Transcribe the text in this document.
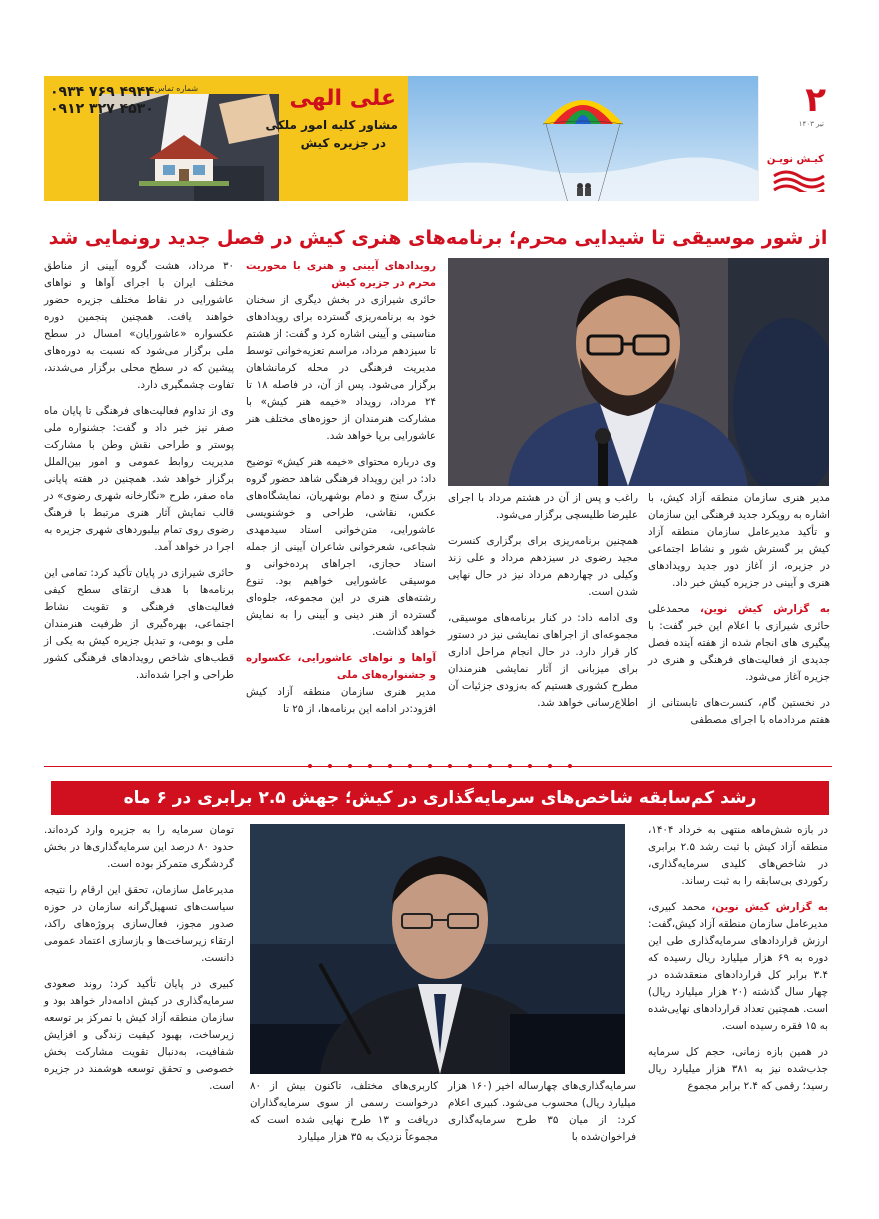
شماره تماس:
۰۹۳۴ ۷۶۹ ۴۹۴۴
۰۹۱۲ ۳۲۷ ۴۵۳۰	علی الهی
مشاور کلیه امور ملکی
در جزیره کیش
۲
تیر ۱۴۰۳
کیـش نویـن
از شور موسیقی تا شیدایی محرم؛ برنامه‌های هنری کیش در فصل جدید رونمایی شد

مدیر هنری سازمان منطقه آزاد کیش، با اشاره به رویکرد جدید فرهنگی این سازمان و تأکید مدیرعامل سازمان منطقه آزاد کیش بر گسترش شور و نشاط اجتماعی در جزیره، از آغاز دور جدید رویدادهای هنری و آیینی در جزیره کیش خبر داد.

به گزارش کیش نوین، محمدعلی حائری شیرازی با اعلام این خبر گفت: با پیگیری های انجام شده از هفته آینده فصل جدیدی از فعالیت‌های فرهنگی و هنری در جزیره آغاز می‌شود.

در نخستین گام، کنسرت‌های تابستانی از هفتم مردادماه با اجرای مصطفی

راغب و پس از آن در هشتم مرداد با اجرای علیرضا طلیسچی برگزار می‌شود.

همچنین برنامه‌ریزی برای برگزاری کنسرت مجید رضوی در سیزدهم مرداد و علی زند وکیلی در چهاردهم مرداد نیز در حال نهایی شدن است.

وی ادامه داد: در کنار برنامه‌های موسیقی، مجموعه‌ای از اجراهای نمایشی نیز در دستور کار قرار دارد. در حال انجام مراحل اداری برای میزبانی از آثار نمایشی هنرمندان مطرح کشوری هستیم که به‌زودی جزئیات آن اطلاع‌رسانی خواهد شد.

رویدادهای آیینی و هنری با محوریت محرم در جزیره کیش

حائری شیرازی در بخش دیگری از سخنان خود به برنامه‌ریزی گسترده برای رویدادهای مناسبتی و آیینی اشاره کرد و گفت: از هشتم تا سیزدهم مرداد، مراسم تعزیه‌خوانی توسط مدیریت فرهنگی در محله کرمانشاهان برگزار می‌شود. پس از آن، در فاصله ۱۸ تا ۲۴ مرداد، رویداد «خیمه هنر کیش» با مشارکت هنرمندان از حوزه‌های مختلف هنر عاشورایی برپا خواهد شد.

وی درباره محتوای «خیمه هنر کیش» توضیح داد: در این رویداد فرهنگی شاهد حضور گروه بزرگ سنج و دمام بوشهریان، نمایشگاه‌های عکس، نقاشی، طراحی و خوشنویسی عاشورایی، متن‌خوانی استاد سیدمهدی شجاعی، شعرخوانی شاعران آیینی از جمله استاد حجازی، اجراهای پرده‌خوانی و موسیقی عاشورایی خواهیم بود. تنوع رشته‌های هنری در این مجموعه، جلوه‌ای گسترده از هنر دینی و آیینی را به نمایش خواهد گذاشت.

آواها و نواهای عاشورایی، عکسواره و جشنواره‌های ملی

مدیر هنری سازمان منطقه آزاد کیش افزود:در ادامه این برنامه‌ها، از ۲۵ تا

۳۰ مرداد، هشت گروه آیینی از مناطق مختلف ایران با اجرای آواها و نواهای عاشورایی در نقاط مختلف جزیره حضور خواهند یافت. همچنین پنجمین دوره عکسواره «عاشورایان» امسال در سطح ملی برگزار می‌شود که نسبت به دوره‌های پیشین که در سطح محلی برگزار می‌شدند، تفاوت چشمگیری دارد.

وی از تداوم فعالیت‌های فرهنگی تا پایان ماه صفر نیز خبر داد و گفت: جشنواره ملی پوستر و طراحی نقش وطن با مشارکت مدیریت روابط عمومی و امور بین‌الملل برگزار خواهد شد. همچنین در هفته پایانی ماه صفر، طرح «نگارخانه شهری رضوی» در قالب نمایش آثار هنری مرتبط با فرهنگ رضوی روی تمام بیلبوردهای شهری جزیره به اجرا در خواهد آمد.

حائری شیرازی در پایان تأکید کرد: تمامی این برنامه‌ها با هدف ارتقای سطح کیفی فعالیت‌های فرهنگی و تقویت نشاط اجتماعی، بهره‌گیری از ظرفیت هنرمندان ملی و بومی، و تبدیل جزیره کیش به یکی از قطب‌های شاخص رویدادهای فرهنگی کشور طراحی و اجرا شده‌اند.

رشد کم‌سابقه شاخص‌های سرمایه‌گذاری در کیش؛ جهش ۲.۵ برابری در ۶ ماه

در بازه شش‌ماهه منتهی به خرداد ۱۴۰۴، منطقه آزاد کیش با ثبت رشد ۲.۵ برابری در شاخص‌های کلیدی سرمایه‌گذاری، رکوردی بی‌سابقه را به ثبت رساند.

به گزارش کیش نوین، محمد کبیری، مدیرعامل سازمان منطقه آزاد کیش،گفت: ارزش قراردادهای سرمایه‌گذاری طی این دوره به ۶۹ هزار میلیارد ریال رسیده که ۳.۴ برابر کل قراردادهای منعقدشده در چهار سال گذشته (۲۰ هزار میلیارد ریال) است. همچنین تعداد قراردادهای نهایی‌شده به ۱۵ فقره رسیده است.

در همین بازه زمانی، حجم کل سرمایه جذب‌شده نیز به ۳۸۱ هزار میلیارد ریال رسید؛ رقمی که ۲.۴ برابر مجموع

سرمایه‌گذاری‌های چهارساله اخیر (۱۶۰ هزار میلیارد ریال) محسوب می‌شود. کبیری اعلام کرد: از میان ۳۵ طرح سرمایه‌گذاری فراخوان‌شده با

کاربری‌های مختلف، تاکنون بیش از ۸۰ درخواست رسمی از سوی سرمایه‌گذاران دریافت و ۱۳ طرح نهایی شده است که مجموعاً نزدیک به ۳۵ هزار میلیارد

تومان سرمایه را به جزیره وارد کرده‌اند. حدود ۸۰ درصد این سرمایه‌گذاری‌ها در بخش گردشگری متمرکز بوده است.

مدیرعامل سازمان، تحقق این ارقام را نتیجه سیاست‌های تسهیل‌گرانه سازمان در حوزه صدور مجوز، فعال‌سازی پروژه‌های راکد، ارتقاء زیرساخت‌ها و بازسازی اعتماد عمومی دانست.

کبیری در پایان تأکید کرد: روند صعودی سرمایه‌گذاری در کیش ادامه‌دار خواهد بود و سازمان منطقه آزاد کیش با تمرکز بر توسعه زیرساخت، بهبود کیفیت زندگی و افزایش شفافیت، به‌دنبال تقویت مشارکت بخش خصوصی و تحقق توسعه هوشمند در جزیره است.
